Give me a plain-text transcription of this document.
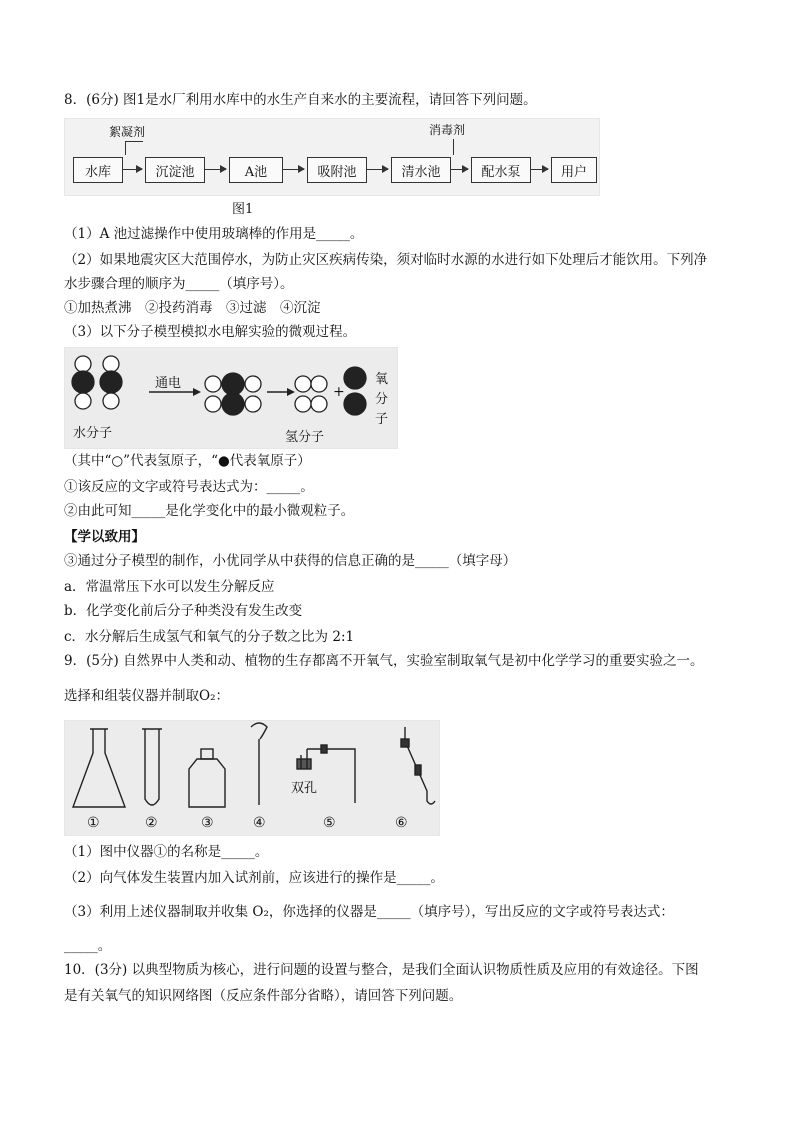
8．(6分) 图1是水厂利用水库中的水生产自来水的主要流程，请回答下列问题。
絮凝剂	消毒剂
水库	沉淀池	A池	吸附池	清水池	配水泵	用户
图1
（1）A 池过滤操作中使用玻璃棒的作用是_____。
（2）如果地震灾区大范围停水，为防止灾区疾病传染，须对临时水源的水进行如下处理后才能饮用。下列净
水步骤合理的顺序为_____（填序号）。
①加热煮沸　②投药消毒　③过滤　④沉淀
（3）以下分子模型模拟水电解实验的微观过程。
水分子
通电
氢分子
+
氧
分
子
（其中“○”代表氢原子，“●代表氧原子）
①该反应的文字或符号表达式为：_____。
②由此可知_____是化学变化中的最小微观粒子。
【学以致用】
③通过分子模型的制作，小优同学从中获得的信息正确的是_____（填字母）
a．常温常压下水可以发生分解反应
b．化学变化前后分子种类没有发生改变
c．水分解后生成氢气和氧气的分子数之比为 2:1
9．(5分) 自然界中人类和动、植物的生存都离不开氧气，实验室制取氧气是初中化学学习的重要实验之一。
选择和组装仪器并制取O₂：
双孔
①	②	③	④	⑤	⑥
（1）图中仪器①的名称是_____。
（2）向气体发生装置内加入试剂前，应该进行的操作是_____。
（3）利用上述仪器制取并收集 O₂，你选择的仪器是_____（填序号），写出反应的文字或符号表达式：
_____。
10．(3分) 以典型物质为核心，进行问题的设置与整合，是我们全面认识物质性质及应用的有效途径。下图
是有关氧气的知识网络图（反应条件部分省略），请回答下列问题。
